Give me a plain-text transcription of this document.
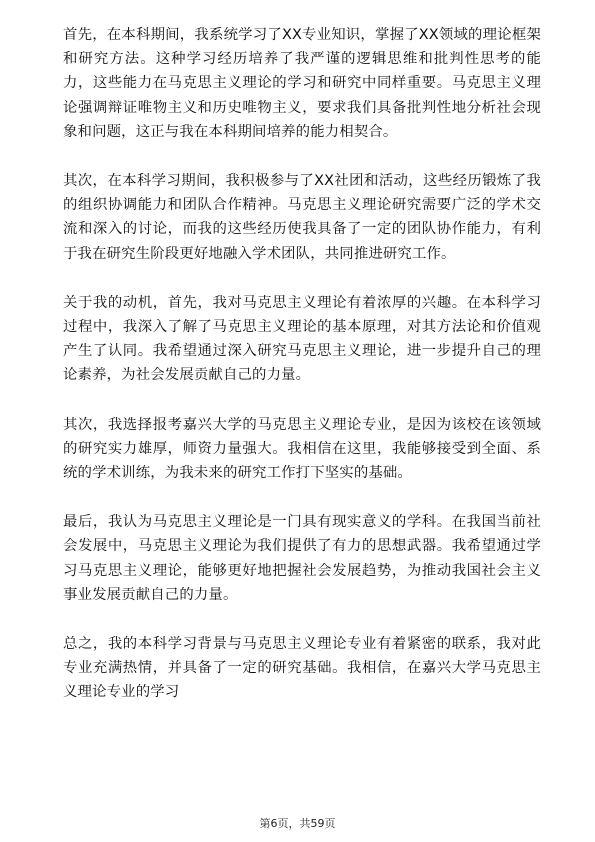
首先，在本科期间，我系统学习了XX专业知识，掌握了XX领域的理论框架和研究方法。这种学习经历培养了我严谨的逻辑思维和批判性思考的能力，这些能力在马克思主义理论的学习和研究中同样重要。马克思主义理论强调辩证唯物主义和历史唯物主义，要求我们具备批判性地分析社会现象和问题，这正与我在本科期间培养的能力相契合。

其次，在本科学习期间，我积极参与了XX社团和活动，这些经历锻炼了我的组织协调能力和团队合作精神。马克思主义理论研究需要广泛的学术交流和深入的讨论，而我的这些经历使我具备了一定的团队协作能力，有利于我在研究生阶段更好地融入学术团队，共同推进研究工作。

关于我的动机，首先，我对马克思主义理论有着浓厚的兴趣。在本科学习过程中，我深入了解了马克思主义理论的基本原理，对其方法论和价值观产生了认同。我希望通过深入研究马克思主义理论，进一步提升自己的理论素养，为社会发展贡献自己的力量。

其次，我选择报考嘉兴大学的马克思主义理论专业，是因为该校在该领域的研究实力雄厚，师资力量强大。我相信在这里，我能够接受到全面、系统的学术训练，为我未来的研究工作打下坚实的基础。

最后，我认为马克思主义理论是一门具有现实意义的学科。在我国当前社会发展中，马克思主义理论为我们提供了有力的思想武器。我希望通过学习马克思主义理论，能够更好地把握社会发展趋势，为推动我国社会主义事业发展贡献自己的力量。

总之，我的本科学习背景与马克思主义理论专业有着紧密的联系，我对此专业充满热情，并具备了一定的研究基础。我相信，在嘉兴大学马克思主义理论专业的学习

第6页，共59页
